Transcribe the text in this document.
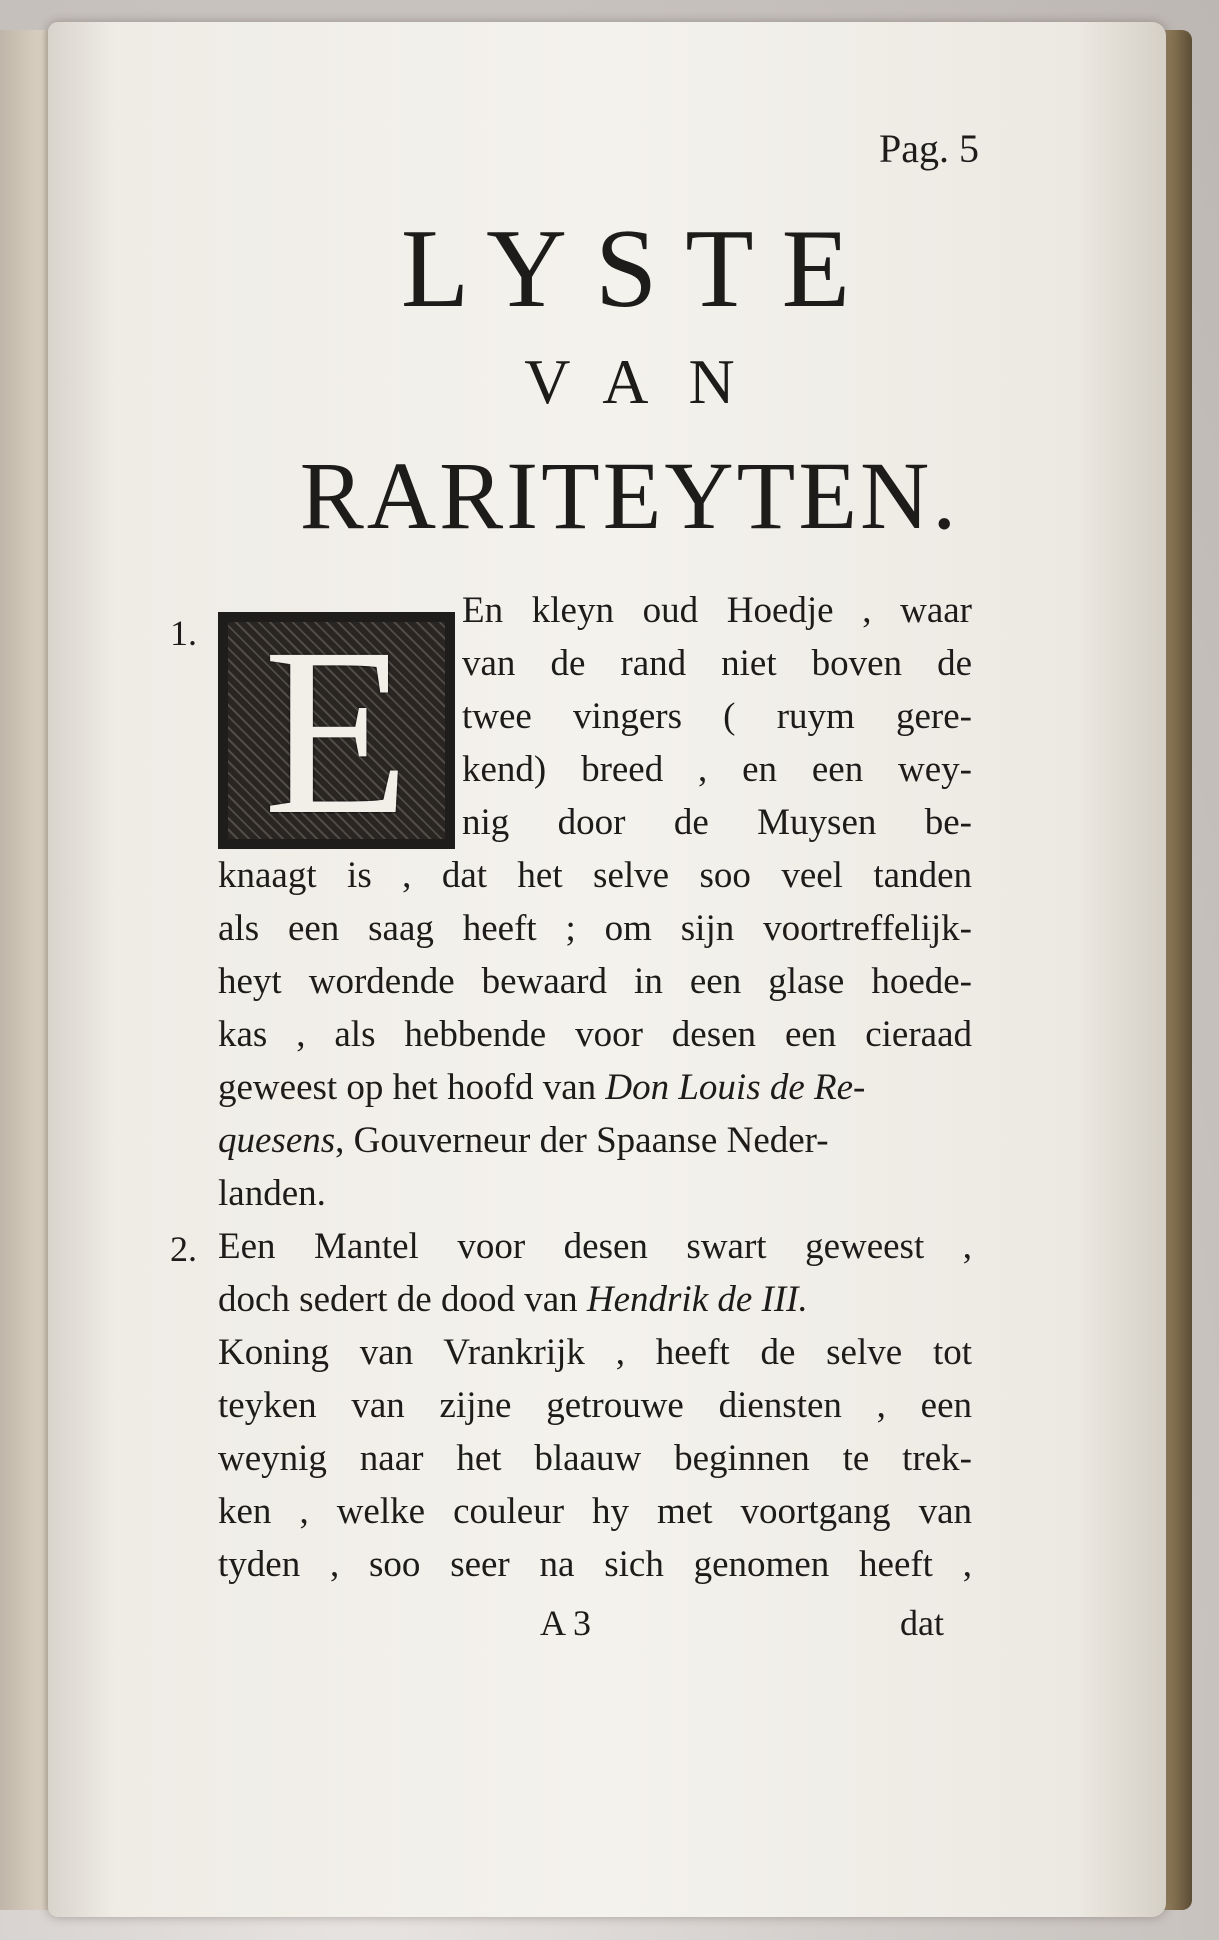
Pag. 5
LYSTE
VAN
RARITEYTEN.
1. E	En kleyn oud Hoedje , waar
van de rand niet boven de
twee vingers ( ruym gere-
kend) breed , en een wey-
nig door de Muysen be-
knaagt is , dat het selve soo veel tanden
als een saag heeft ; om sijn voortreffelijk-
heyt wordende bewaard in een glase hoede-
kas , als hebbende voor desen een cieraad
geweest op het hoofd van Don Louis de Re-
quesens, Gouverneur der Spaanse Neder-
landen.
2. Een Mantel voor desen swart geweest ,
doch sedert de dood van Hendrik de III.
Koning van Vrankrijk , heeft de selve tot
teyken van zijne getrouwe diensten , een
weynig naar het blaauw beginnen te trek-
ken , welke couleur hy met voortgang van
tyden , soo seer na sich genomen heeft ,
A 3	dat
